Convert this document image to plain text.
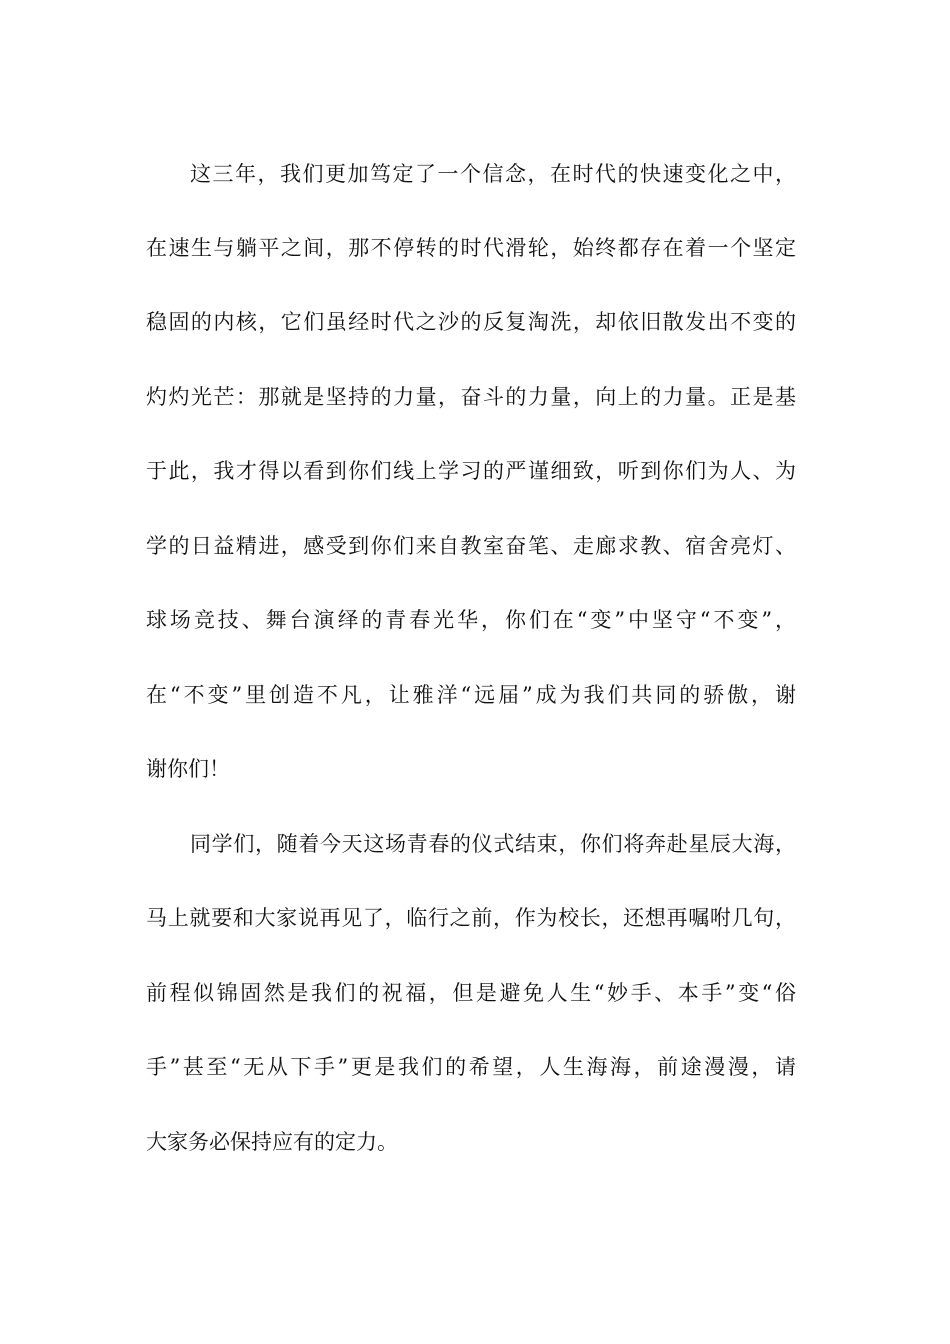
这三年，我们更加笃定了一个信念，在时代的快速变化之中，
在速生与躺平之间，那不停转的时代滑轮，始终都存在着一个坚定
稳固的内核，它们虽经时代之沙的反复淘洗，却依旧散发出不变的
灼灼光芒：那就是坚持的力量，奋斗的力量，向上的力量。正是基
于此，我才得以看到你们线上学习的严谨细致，听到你们为人、为
学的日益精进，感受到你们来自教室奋笔、走廊求教、宿舍亮灯、
球场竞技、舞台演绎的青春光华，你们在“变”中坚守“不变”，
在“不变”里创造不凡，让雅洋“远届”成为我们共同的骄傲，谢
谢你们！
同学们，随着今天这场青春的仪式结束，你们将奔赴星辰大海，
马上就要和大家说再见了，临行之前，作为校长，还想再嘱咐几句，
前程似锦固然是我们的祝福，但是避免人生“妙手、本手”变“俗
手”甚至“无从下手”更是我们的希望，人生海海，前途漫漫，请
大家务必保持应有的定力。
